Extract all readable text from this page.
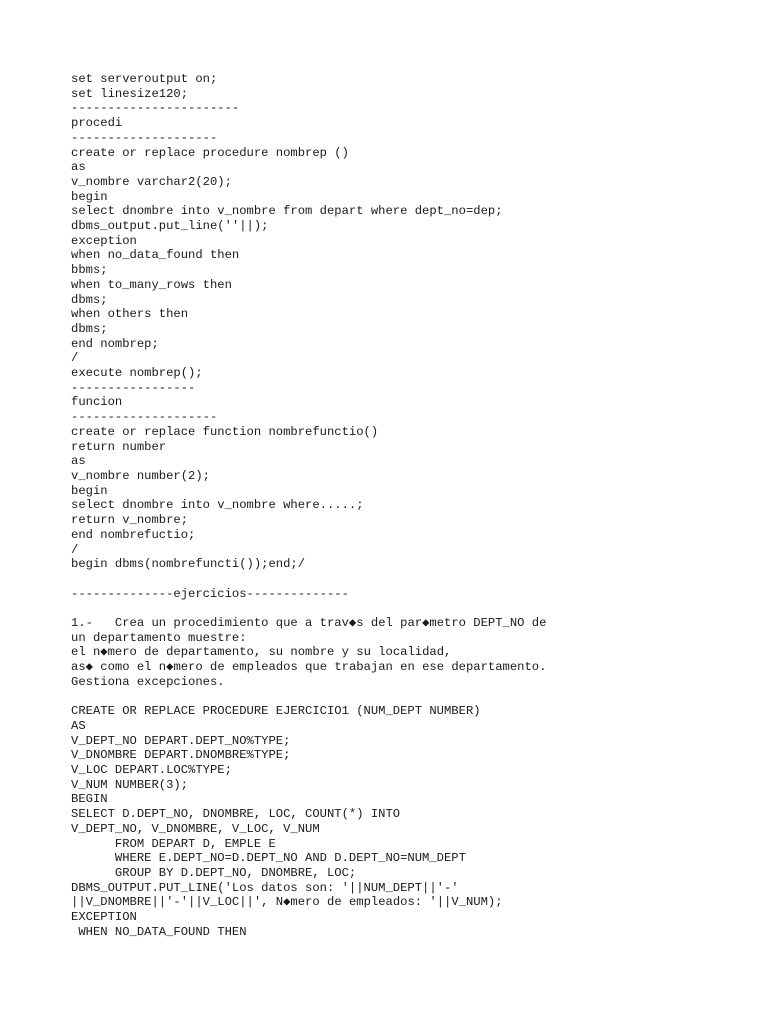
set serveroutput on;
set linesize120;
-----------------------
procedi
--------------------
create or replace procedure nombrep ()
as
v_nombre varchar2(20);
begin
select dnombre into v_nombre from depart where dept_no=dep;
dbms_output.put_line(''||);
exception
when no_data_found then
bbms;
when to_many_rows then
dbms;
when others then
dbms;
end nombrep;
/
execute nombrep();
-----------------
funcion
--------------------
create or replace function nombrefunctio()
return number
as
v_nombre number(2);
begin
select dnombre into v_nombre where.....;
return v_nombre;
end nombrefuctio;
/
begin dbms(nombrefuncti());end;/
--------------ejercicios--------------
1.-   Crea un procedimiento que a trav◆s del par◆metro DEPT_NO de
un departamento muestre:
el n◆mero de departamento, su nombre y su localidad,
as◆ como el n◆mero de empleados que trabajan en ese departamento.
Gestiona excepciones.
CREATE OR REPLACE PROCEDURE EJERCICIO1 (NUM_DEPT NUMBER)
AS
V_DEPT_NO DEPART.DEPT_NO%TYPE;
V_DNOMBRE DEPART.DNOMBRE%TYPE;
V_LOC DEPART.LOC%TYPE;
V_NUM NUMBER(3);
BEGIN
SELECT D.DEPT_NO, DNOMBRE, LOC, COUNT(*) INTO
V_DEPT_NO, V_DNOMBRE, V_LOC, V_NUM
FROM DEPART D, EMPLE E
WHERE E.DEPT_NO=D.DEPT_NO AND D.DEPT_NO=NUM_DEPT
GROUP BY D.DEPT_NO, DNOMBRE, LOC;
DBMS_OUTPUT.PUT_LINE('Los datos son: '||NUM_DEPT||'-'
||V_DNOMBRE||'-'||V_LOC||', N◆mero de empleados: '||V_NUM);
EXCEPTION
WHEN NO_DATA_FOUND THEN
